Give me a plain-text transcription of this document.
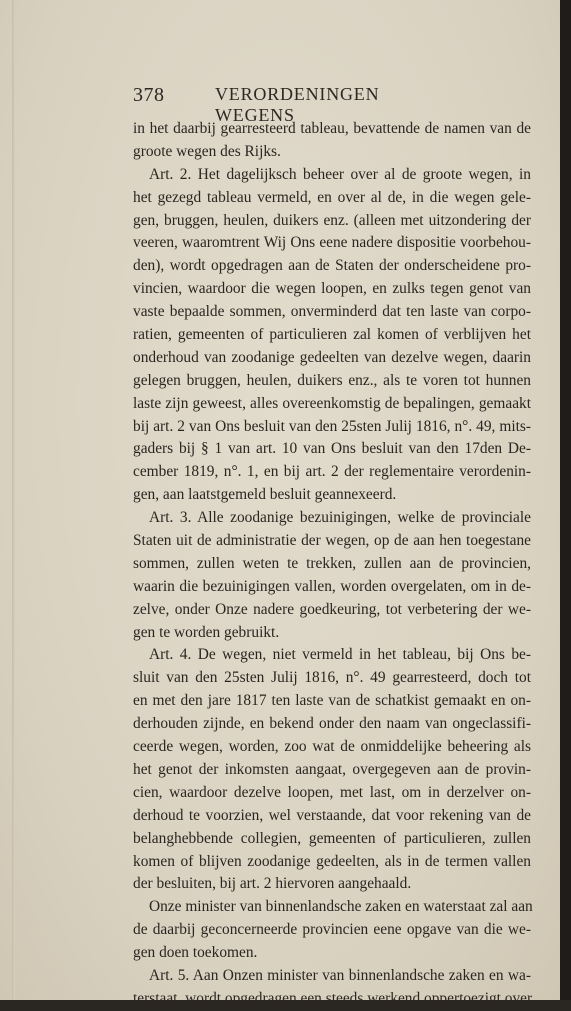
378	VERORDENINGEN WEGENS
in het daarbij gearresteerd tableau, bevattende de namen van de
groote wegen des Rijks.
Art. 2. Het dagelijksch beheer over al de groote wegen, in
het gezegd tableau vermeld, en over al de, in die wegen gele-
gen, bruggen, heulen, duikers enz. (alleen met uitzondering der
veeren, waaromtrent Wij Ons eene nadere dispositie voorbehou-
den), wordt opgedragen aan de Staten der onderscheidene pro-
vincien, waardoor die wegen loopen, en zulks tegen genot van
vaste bepaalde sommen, onverminderd dat ten laste van corpo-
ratien, gemeenten of particulieren zal komen of verblijven het
onderhoud van zoodanige gedeelten van dezelve wegen, daarin
gelegen bruggen, heulen, duikers enz., als te voren tot hunnen
laste zijn geweest, alles overeenkomstig de bepalingen, gemaakt
bij art. 2 van Ons besluit van den 25sten Julij 1816, n°. 49, mits-
gaders bij § 1 van art. 10 van Ons besluit van den 17den De-
cember 1819, n°. 1, en bij art. 2 der reglementaire verordenin-
gen, aan laatstgemeld besluit geannexeerd.
Art. 3. Alle zoodanige bezuinigingen, welke de provinciale
Staten uit de administratie der wegen, op de aan hen toegestane
sommen, zullen weten te trekken, zullen aan de provincien,
waarin die bezuinigingen vallen, worden overgelaten, om in de-
zelve, onder Onze nadere goedkeuring, tot verbetering der we-
gen te worden gebruikt.
Art. 4. De wegen, niet vermeld in het tableau, bij Ons be-
sluit van den 25sten Julij 1816, n°. 49 gearresteerd, doch tot
en met den jare 1817 ten laste van de schatkist gemaakt en on-
derhouden zijnde, en bekend onder den naam van ongeclassifi-
ceerde wegen, worden, zoo wat de onmiddelijke beheering als
het genot der inkomsten aangaat, overgegeven aan de provin-
cien, waardoor dezelve loopen, met last, om in derzelver on-
derhoud te voorzien, wel verstaande, dat voor rekening van de
belanghebbende collegien, gemeenten of particulieren, zullen
komen of blijven zoodanige gedeelten, als in de termen vallen
der besluiten, bij art. 2 hiervoren aangehaald.
Onze minister van binnenlandsche zaken en waterstaat zal aan
de daarbij geconcerneerde provincien eene opgave van die we-
gen doen toekomen.
Art. 5. Aan Onzen minister van binnenlandsche zaken en wa-
terstaat, wordt opgedragen een steeds werkend oppertoezigt over
